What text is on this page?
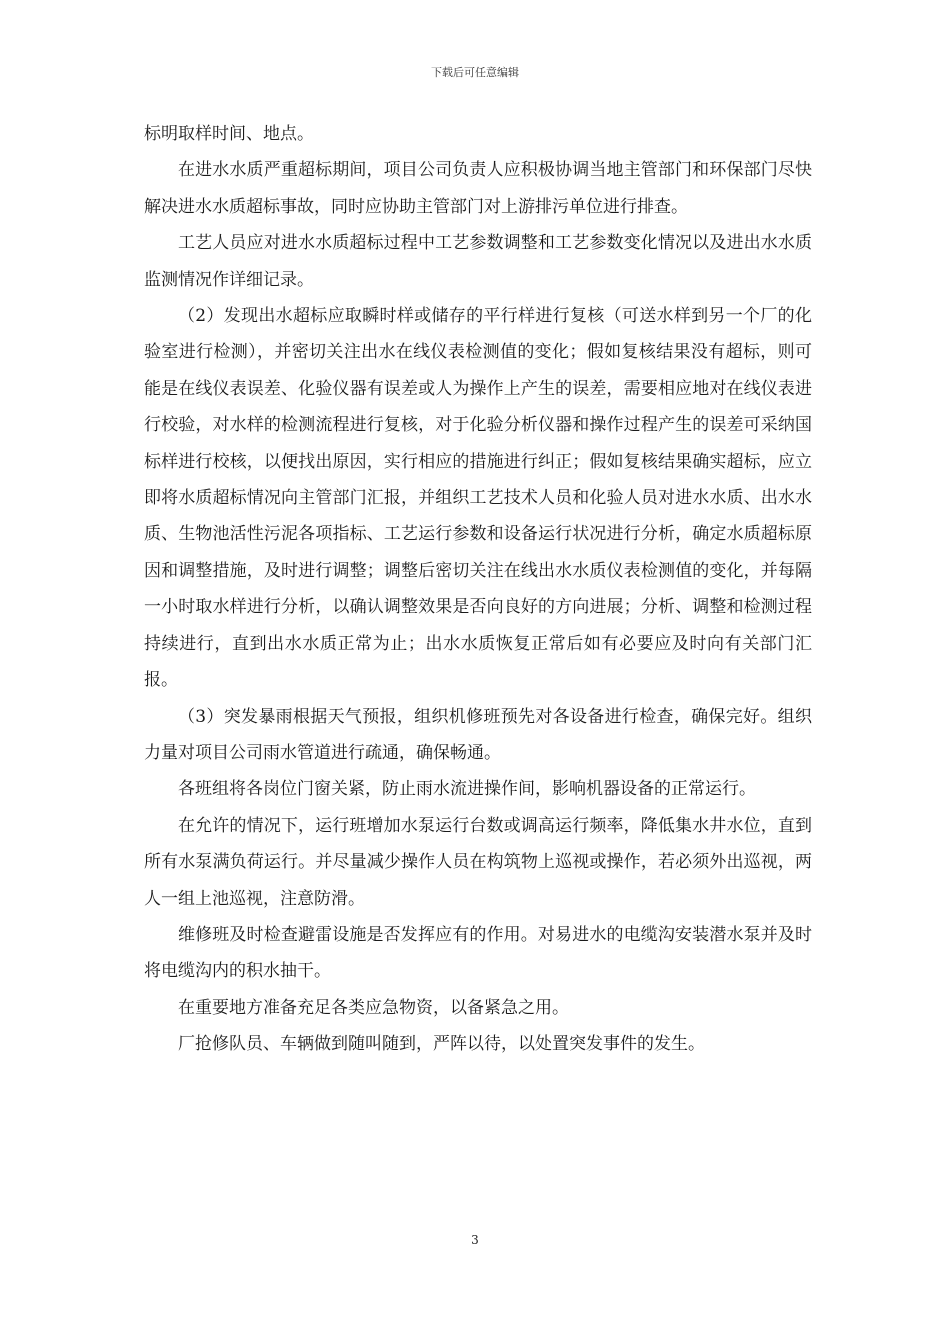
下载后可任意编辑

标明取样时间、地点。

在进水水质严重超标期间，项目公司负责人应积极协调当地主管部门和环保部门尽快解决进水水质超标事故，同时应协助主管部门对上游排污单位进行排查。

工艺人员应对进水水质超标过程中工艺参数调整和工艺参数变化情况以及进出水水质监测情况作详细记录。

（2）发现出水超标应取瞬时样或储存的平行样进行复核（可送水样到另一个厂的化验室进行检测），并密切关注出水在线仪表检测值的变化；假如复核结果没有超标，则可能是在线仪表误差、化验仪器有误差或人为操作上产生的误差，需要相应地对在线仪表进行校验，对水样的检测流程进行复核，对于化验分析仪器和操作过程产生的误差可采纳国标样进行校核，以便找出原因，实行相应的措施进行纠正；假如复核结果确实超标，应立即将水质超标情况向主管部门汇报，并组织工艺技术人员和化验人员对进水水质、出水水质、生物池活性污泥各项指标、工艺运行参数和设备运行状况进行分析，确定水质超标原因和调整措施，及时进行调整；调整后密切关注在线出水水质仪表检测值的变化，并每隔一小时取水样进行分析，以确认调整效果是否向良好的方向进展；分析、调整和检测过程持续进行，直到出水水质正常为止；出水水质恢复正常后如有必要应及时向有关部门汇报。

（3）突发暴雨根据天气预报，组织机修班预先对各设备进行检查，确保完好。组织力量对项目公司雨水管道进行疏通，确保畅通。

各班组将各岗位门窗关紧，防止雨水流进操作间，影响机器设备的正常运行。

在允许的情况下，运行班增加水泵运行台数或调高运行频率，降低集水井水位，直到所有水泵满负荷运行。并尽量减少操作人员在构筑物上巡视或操作，若必须外出巡视，两人一组上池巡视，注意防滑。

维修班及时检查避雷设施是否发挥应有的作用。对易进水的电缆沟安装潜水泵并及时将电缆沟内的积水抽干。

在重要地方准备充足各类应急物资，以备紧急之用。

厂抢修队员、车辆做到随叫随到，严阵以待，以处置突发事件的发生。

3
